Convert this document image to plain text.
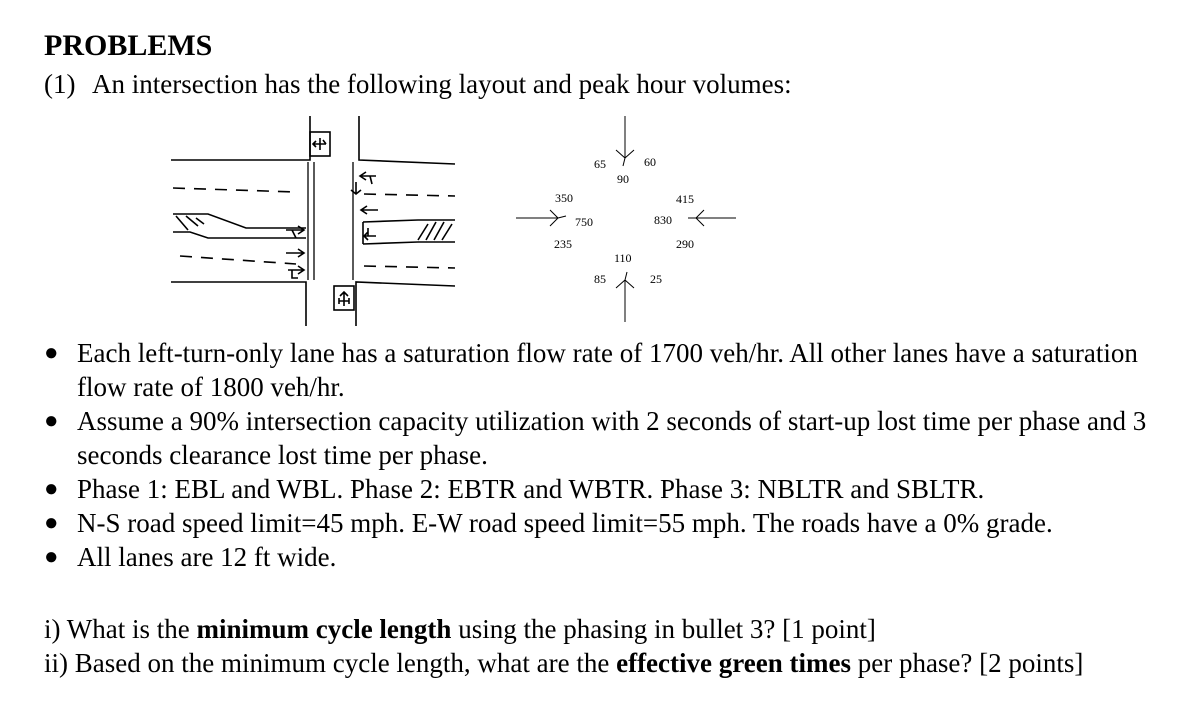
PROBLEMS
(1) An intersection has the following layout and peak hour volumes:
65	60
90
350
750
235
415
830
290
110
85	25
● Each left-turn-only lane has a saturation flow rate of 1700 veh/hr. All other lanes have a saturation flow rate of 1800 veh/hr.
● Assume a 90% intersection capacity utilization with 2 seconds of start-up lost time per phase and 3 seconds clearance lost time per phase.
● Phase 1: EBL and WBL. Phase 2: EBTR and WBTR. Phase 3: NBLTR and SBLTR.
● N-S road speed limit=45 mph. E-W road speed limit=55 mph. The roads have a 0% grade.
● All lanes are 12 ft wide.
i) What is the minimum cycle length using the phasing in bullet 3? [1 point]
ii) Based on the minimum cycle length, what are the effective green times per phase? [2 points]
